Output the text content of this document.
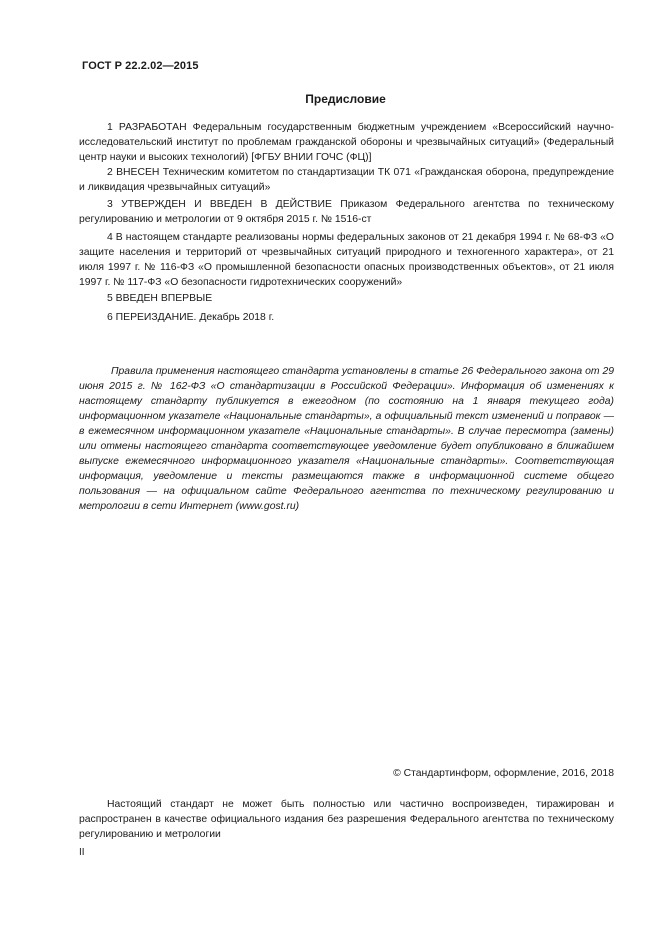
ГОСТ Р 22.2.02—2015
Предисловие

1 РАЗРАБОТАН Федеральным государственным бюджетным учреждением «Всероссийский научно-исследовательский институт по проблемам гражданской обороны и чрезвычайных ситуаций» (Федеральный центр науки и высоких технологий) [ФГБУ ВНИИ ГОЧС (ФЦ)]

2 ВНЕСЕН Техническим комитетом по стандартизации ТК 071 «Гражданская оборона, предупреждение и ликвидация чрезвычайных ситуаций»

3 УТВЕРЖДЕН И ВВЕДЕН В ДЕЙСТВИЕ Приказом Федерального агентства по техническому регулированию и метрологии от 9 октября 2015 г. № 1516-ст

4 В настоящем стандарте реализованы нормы федеральных законов от 21 декабря 1994 г. № 68-ФЗ «О защите населения и территорий от чрезвычайных ситуаций природного и техногенного характера», от 21 июля 1997 г. № 116-ФЗ «О промышленной безопасности опасных производственных объектов», от 21 июля 1997 г. № 117-ФЗ «О безопасности гидротехнических сооружений»

5 ВВЕДЕН ВПЕРВЫЕ

6 ПЕРЕИЗДАНИЕ. Декабрь 2018 г.

Правила применения настоящего стандарта установлены в статье 26 Федерального закона от 29 июня 2015 г. № 162-ФЗ «О стандартизации в Российской Федерации». Информация об изменениях к настоящему стандарту публикуется в ежегодном (по состоянию на 1 января текущего года) информационном указателе «Национальные стандарты», а официальный текст изменений и поправок — в ежемесячном информационном указателе «Национальные стандарты». В случае пересмотра (замены) или отмены настоящего стандарта соответствующее уведомление будет опубликовано в ближайшем выпуске ежемесячного информационного указателя «Национальные стандарты». Соответствующая информация, уведомление и тексты размещаются также в информационной системе общего пользования — на официальном сайте Федерального агентства по техническому регулированию и метрологии в сети Интернет (www.gost.ru)

© Стандартинформ, оформление, 2016, 2018

Настоящий стандарт не может быть полностью или частично воспроизведен, тиражирован и распространен в качестве официального издания без разрешения Федерального агентства по техническому регулированию и метрологии

II
